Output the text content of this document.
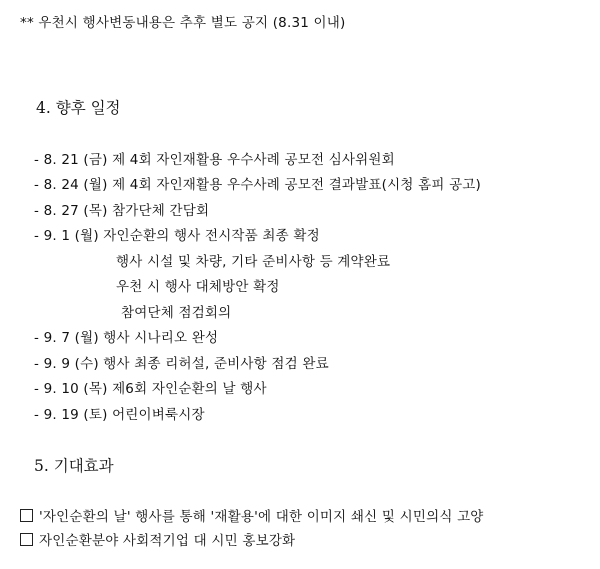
** 우천시 행사변동내용은 추후 별도 공지 (8.31 이내)
4. 향후 일정
- 8. 21 (금) 제 4회 자인재활용 우수사례 공모전 심사위원회
- 8. 24 (월) 제 4회 자인재활용 우수사례 공모전 결과발표(시청 홈피 공고)
- 8. 27 (목) 참가단체 간담회
- 9. 1 (월) 자인순환의 행사 전시작품 최종 확정
행사 시설 및 차량, 기타 준비사항 등 계약완료
우천 시 행사 대체방안 확정
참여단체 점검회의
- 9. 7 (월) 행사 시나리오 완성
- 9. 9 (수) 행사 최종 리허설, 준비사항 점검 완료
- 9. 10 (목) 제6회 자인순환의 날 행사
- 9. 19 (토) 어린이벼룩시장
5. 기대효과
'자인순환의 날' 행사를 통해 '재활용'에 대한 이미지 쇄신 및 시민의식 고양
자인순환분야 사회적기업 대 시민 홍보강화
